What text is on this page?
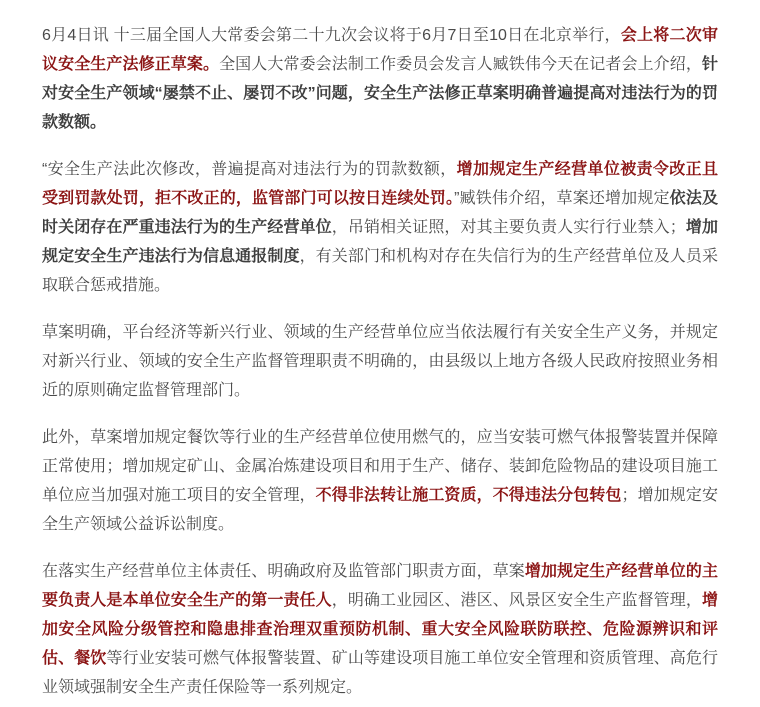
6月4日讯 十三届全国人大常委会第二十九次会议将于6月7日至10日在北京举行，会上将二次审议安全生产法修正草案。全国人大常委会法制工作委员会发言人臧铁伟今天在记者会上介绍，针对安全生产领域“屡禁不止、屡罚不改”问题，安全生产法修正草案明确普遍提高对违法行为的罚款数额。

“安全生产法此次修改，普遍提高对违法行为的罚款数额，增加规定生产经营单位被责令改正且受到罚款处罚，拒不改正的，监管部门可以按日连续处罚。”臧铁伟介绍，草案还增加规定依法及时关闭存在严重违法行为的生产经营单位，吊销相关证照，对其主要负责人实行行业禁入；增加规定安全生产违法行为信息通报制度，有关部门和机构对存在失信行为的生产经营单位及人员采取联合惩戒措施。

草案明确，平台经济等新兴行业、领域的生产经营单位应当依法履行有关安全生产义务，并规定对新兴行业、领域的安全生产监督管理职责不明确的，由县级以上地方各级人民政府按照业务相近的原则确定监督管理部门。

此外，草案增加规定餐饮等行业的生产经营单位使用燃气的，应当安装可燃气体报警装置并保障正常使用；增加规定矿山、金属冶炼建设项目和用于生产、储存、装卸危险物品的建设项目施工单位应当加强对施工项目的安全管理，不得非法转让施工资质，不得违法分包转包；增加规定安全生产领域公益诉讼制度。

在落实生产经营单位主体责任、明确政府及监管部门职责方面，草案增加规定生产经营单位的主要负责人是本单位安全生产的第一责任人，明确工业园区、港区、风景区安全生产监督管理，增加安全风险分级管控和隐患排查治理双重预防机制、重大安全风险联防联控、危险源辨识和评估、餐饮等行业安装可燃气体报警装置、矿山等建设项目施工单位安全管理和资质管理、高危行业领域强制安全生产责任保险等一系列规定。
